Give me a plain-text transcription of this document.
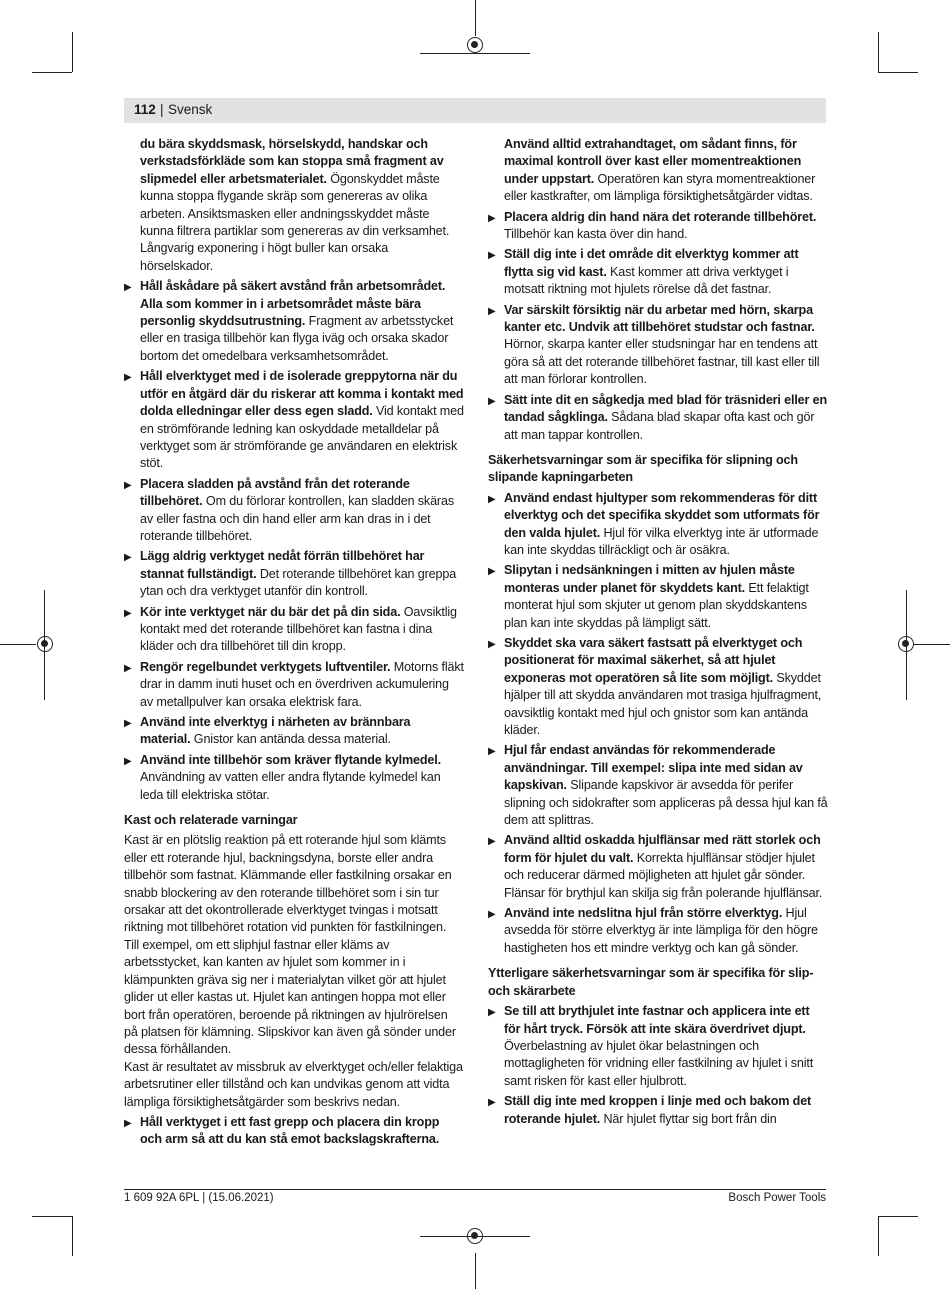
112 | Svensk

du bära skyddsmask, hörselskydd, handskar och verkstadsförkläde som kan stoppa små fragment av slipmedel eller arbetsmaterialet. Ögonskyddet måste kunna stoppa flygande skräp som genereras av olika arbeten. Ansiktsmasken eller andningsskyddet måste kunna filtrera partiklar som genereras av din verksamhet. Långvarig exponering i högt buller kan orsaka hörselskador.

▶ Håll åskådare på säkert avstånd från arbetsområdet. Alla som kommer in i arbetsområdet måste bära personlig skyddsutrustning. Fragment av arbetsstycket eller en trasiga tillbehör kan flyga iväg och orsaka skador bortom det omedelbara verksamhetsområdet.

▶ Håll elverktyget med i de isolerade greppytorna när du utför en åtgärd där du riskerar att komma i kontakt med dolda elledningar eller dess egen sladd. Vid kontakt med en strömförande ledning kan oskyddade metalldelar på verktyget som är strömförande ge användaren en elektrisk stöt.

▶ Placera sladden på avstånd från det roterande tillbehöret. Om du förlorar kontrollen, kan sladden skäras av eller fastna och din hand eller arm kan dras in i det roterande tillbehöret.

▶ Lägg aldrig verktyget nedåt förrän tillbehöret har stannat fullständigt. Det roterande tillbehöret kan greppa ytan och dra verktyget utanför din kontroll.

▶ Kör inte verktyget när du bär det på din sida. Oavsiktlig kontakt med det roterande tillbehöret kan fastna i dina kläder och dra tillbehöret till din kropp.

▶ Rengör regelbundet verktygets luftventiler. Motorns fläkt drar in damm inuti huset och en överdriven ackumulering av metallpulver kan orsaka elektrisk fara.

▶ Använd inte elverktyg i närheten av brännbara material. Gnistor kan antända dessa material.

▶ Använd inte tillbehör som kräver flytande kylmedel. Användning av vatten eller andra flytande kylmedel kan leda till elektriska stötar.

Kast och relaterade varningar

Kast är en plötslig reaktion på ett roterande hjul som klämts eller ett roterande hjul, backningsdyna, borste eller andra tillbehör som fastnat. Klämmande eller fastkilning orsakar en snabb blockering av den roterande tillbehöret som i sin tur orsakar att det okontrollerade elverktyget tvingas i motsatt riktning mot tillbehöret rotation vid punkten för fastkilningen.

Till exempel, om ett sliphjul fastnar eller kläms av arbetsstycket, kan kanten av hjulet som kommer in i klämpunkten gräva sig ner i materialytan vilket gör att hjulet glider ut eller kastas ut. Hjulet kan antingen hoppa mot eller bort från operatören, beroende på riktningen av hjulrörelsen på platsen för klämning. Slipskivor kan även gå sönder under dessa förhållanden.

Kast är resultatet av missbruk av elverktyget och/eller felaktiga arbetsrutiner eller tillstånd och kan undvikas genom att vidta lämpliga försiktighetsåtgärder som beskrivs nedan.

▶ Håll verktyget i ett fast grepp och placera din kropp och arm så att du kan stå emot backslagskrafterna.

Använd alltid extrahandtaget, om sådant finns, för maximal kontroll över kast eller momentreaktionen under uppstart. Operatören kan styra momentreaktioner eller kastkrafter, om lämpliga försiktighetsåtgärder vidtas.

▶ Placera aldrig din hand nära det roterande tillbehöret. Tillbehör kan kasta över din hand.

▶ Ställ dig inte i det område dit elverktyg kommer att flytta sig vid kast. Kast kommer att driva verktyget i motsatt riktning mot hjulets rörelse då det fastnar.

▶ Var särskilt försiktig när du arbetar med hörn, skarpa kanter etc. Undvik att tillbehöret studstar och fastnar. Hörnor, skarpa kanter eller studsningar har en tendens att göra så att det roterande tillbehöret fastnar, till kast eller till att man förlorar kontrollen.

▶ Sätt inte dit en sågkedja med blad för träsnideri eller en tandad sågklinga. Sådana blad skapar ofta kast och gör att man tappar kontrollen.

Säkerhetsvarningar som är specifika för slipning och slipande kapningarbeten

▶ Använd endast hjultyper som rekommenderas för ditt elverktyg och det specifika skyddet som utformats för den valda hjulet. Hjul för vilka elverktyg inte är utformade kan inte skyddas tillräckligt och är osäkra.

▶ Slipytan i nedsänkningen i mitten av hjulen måste monteras under planet för skyddets kant. Ett felaktigt monterat hjul som skjuter ut genom plan skyddskantens plan kan inte skyddas på lämpligt sätt.

▶ Skyddet ska vara säkert fastsatt på elverktyget och positionerat för maximal säkerhet, så att hjulet exponeras mot operatören så lite som möjligt. Skyddet hjälper till att skydda användaren mot trasiga hjulfragment, oavsiktlig kontakt med hjul och gnistor som kan antända kläder.

▶ Hjul får endast användas för rekommenderade användningar. Till exempel: slipa inte med sidan av kapskivan. Slipande kapskivor är avsedda för perifer slipning och sidokrafter som appliceras på dessa hjul kan få dem att splittras.

▶ Använd alltid oskadda hjulflänsar med rätt storlek och form för hjulet du valt. Korrekta hjulflänsar stödjer hjulet och reducerar därmed möjligheten att hjulet går sönder. Flänsar för brythjul kan skilja sig från polerande hjulflänsar.

▶ Använd inte nedslitna hjul från större elverktyg. Hjul avsedda för större elverktyg är inte lämpliga för den högre hastigheten hos ett mindre verktyg och kan gå sönder.

Ytterligare säkerhetsvarningar som är specifika för slip- och skärarbete

▶ Se till att brythjulet inte fastnar och applicera inte ett för hårt tryck. Försök att inte skära överdrivet djupt. Överbelastning av hjulet ökar belastningen och mottagligheten för vridning eller fastkilning av hjulet i snitt samt risken för kast eller hjulbrott.

▶ Ställ dig inte med kroppen i linje med och bakom det roterande hjulet. När hjulet flyttar sig bort från din

1 609 92A 6PL | (15.06.2021)	Bosch Power Tools
